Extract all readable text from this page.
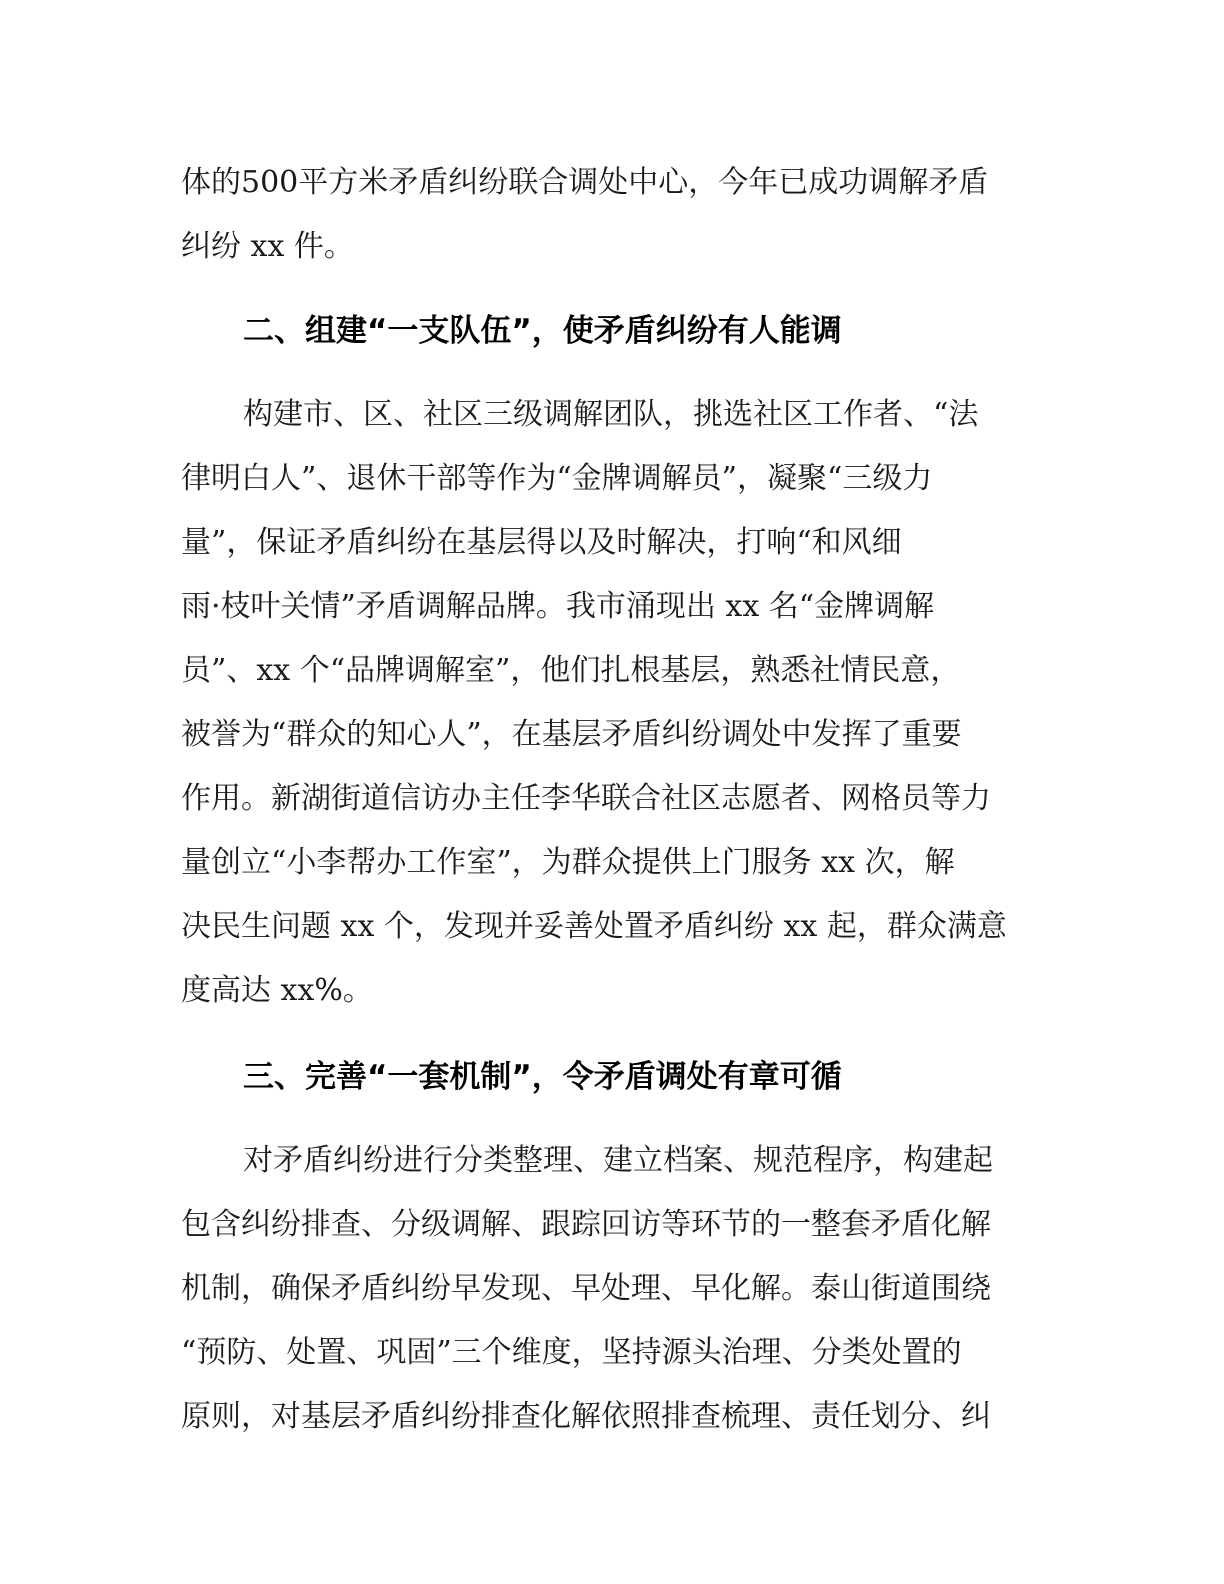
体的500平方米矛盾纠纷联合调处中心，今年已成功调解矛盾
纠纷 xx 件。
二、组建“一支队伍”，使矛盾纠纷有人能调
构建市、区、社区三级调解团队，挑选社区工作者、“法
律明白人”、退休干部等作为“金牌调解员”，凝聚“三级力
量”，保证矛盾纠纷在基层得以及时解决，打响“和风细
雨·枝叶关情”矛盾调解品牌。我市涌现出 xx 名“金牌调解
员”、xx 个“品牌调解室”，他们扎根基层，熟悉社情民意，
被誉为“群众的知心人”，在基层矛盾纠纷调处中发挥了重要
作用。新湖街道信访办主任李华联合社区志愿者、网格员等力
量创立“小李帮办工作室”，为群众提供上门服务 xx 次，解
决民生问题 xx 个，发现并妥善处置矛盾纠纷 xx 起，群众满意
度高达 xx%。
三、完善“一套机制”，令矛盾调处有章可循
对矛盾纠纷进行分类整理、建立档案、规范程序，构建起
包含纠纷排查、分级调解、跟踪回访等环节的一整套矛盾化解
机制，确保矛盾纠纷早发现、早处理、早化解。泰山街道围绕
“预防、处置、巩固”三个维度，坚持源头治理、分类处置的
原则，对基层矛盾纠纷排查化解依照排查梳理、责任划分、纠
